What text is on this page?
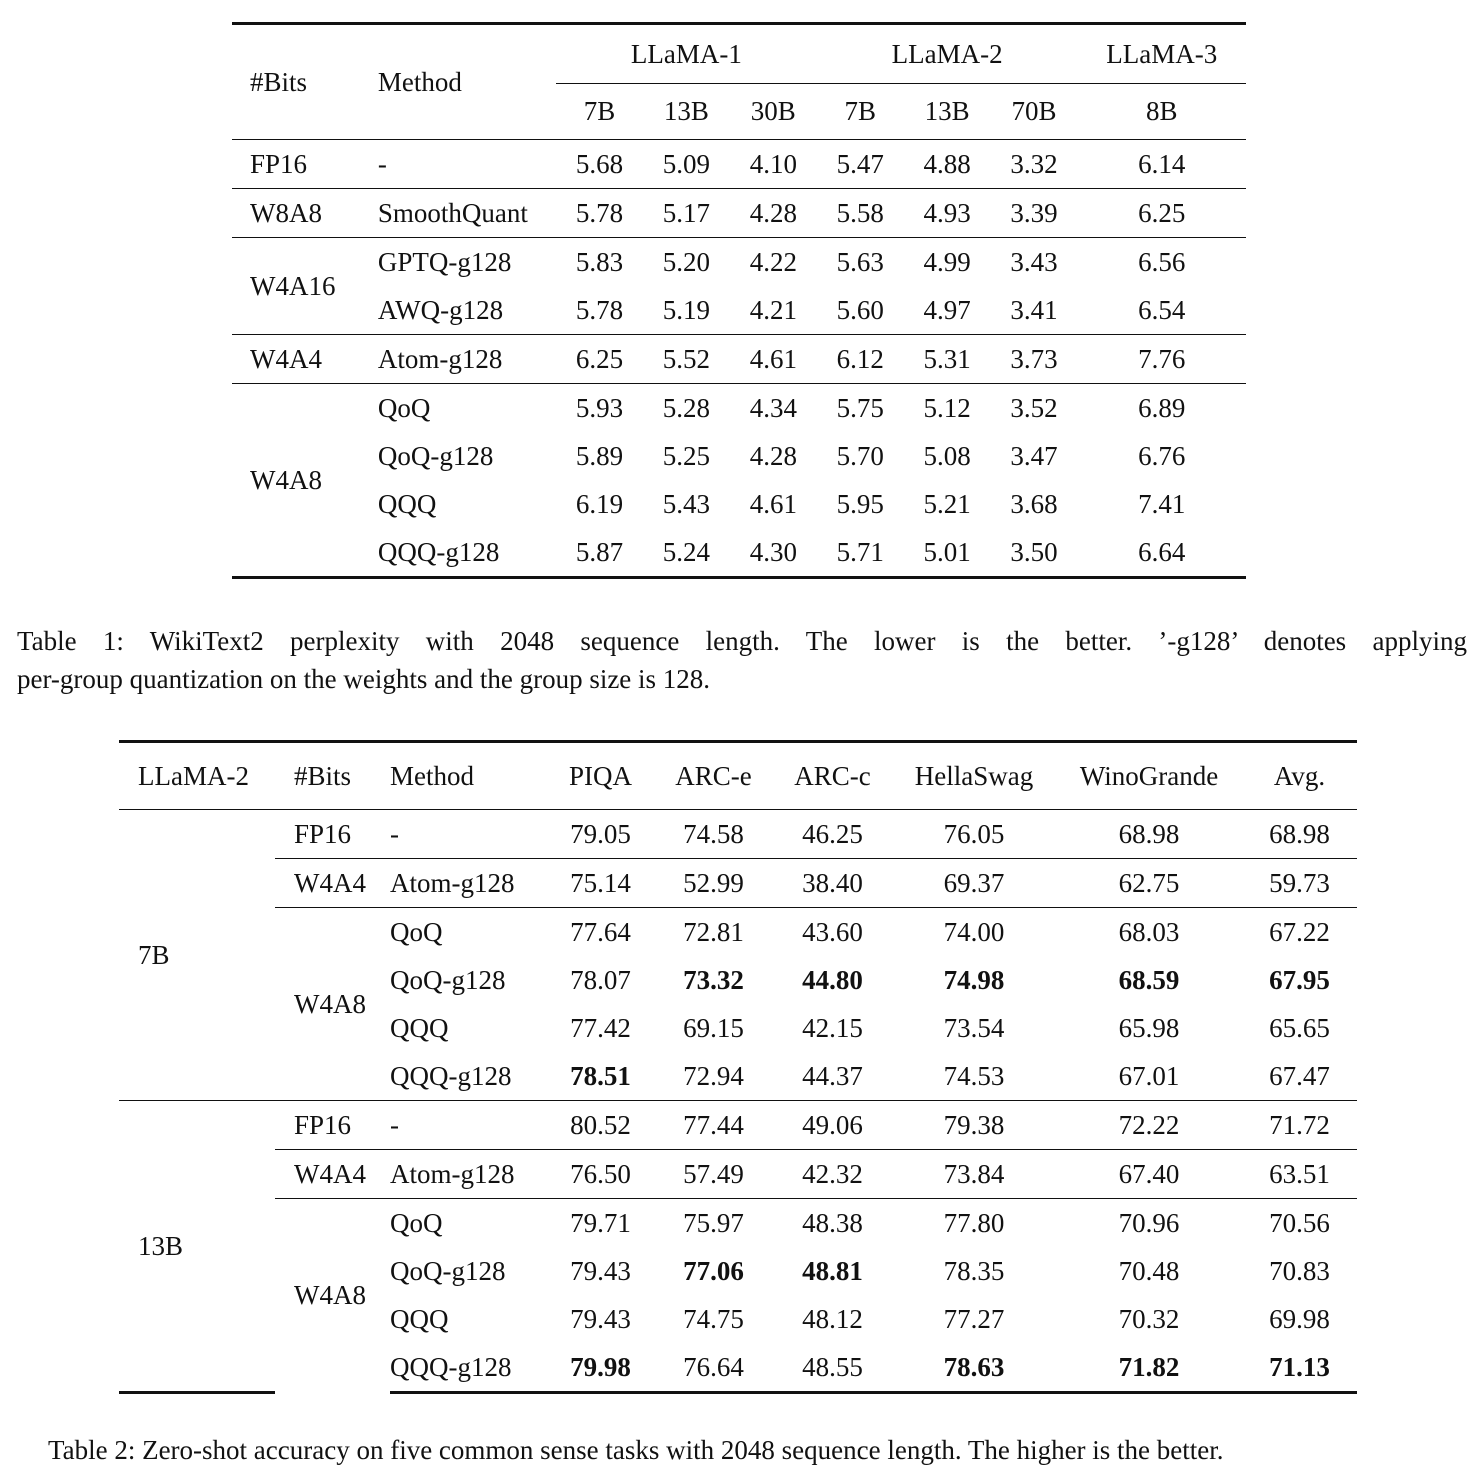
#Bits	Method	LLaMA-1			LLaMA-2			LLaMA-3
		7B	13B	30B	7B	13B	70B	8B
FP16	-	5.68	5.09	4.10	5.47	4.88	3.32	6.14
W8A8	SmoothQuant	5.78	5.17	4.28	5.58	4.93	3.39	6.25
W4A16	GPTQ-g128	5.83	5.20	4.22	5.63	4.99	3.43	6.56
	AWQ-g128	5.78	5.19	4.21	5.60	4.97	3.41	6.54
W4A4	Atom-g128	6.25	5.52	4.61	6.12	5.31	3.73	7.76
W4A8	QoQ	5.93	5.28	4.34	5.75	5.12	3.52	6.89
	QoQ-g128	5.89	5.25	4.28	5.70	5.08	3.47	6.76
	QQQ	6.19	5.43	4.61	5.95	5.21	3.68	7.41
	QQQ-g128	5.87	5.24	4.30	5.71	5.01	3.50	6.64
Table 1: WikiText2 perplexity with 2048 sequence length. The lower is the better. ’-g128’ denotes applying
per-group quantization on the weights and the group size is 128.
LLaMA-2	#Bits	Method	PIQA	ARC-e	ARC-c	HellaSwag	WinoGrande	Avg.
7B	FP16	-	79.05	74.58	46.25	76.05	68.98	68.98
	W4A4	Atom-g128	75.14	52.99	38.40	69.37	62.75	59.73
	W4A8	QoQ	77.64	72.81	43.60	74.00	68.03	67.22
		QoQ-g128	78.07	73.32	44.80	74.98	68.59	67.95
		QQQ	77.42	69.15	42.15	73.54	65.98	65.65
		QQQ-g128	78.51	72.94	44.37	74.53	67.01	67.47
13B	FP16	-	80.52	77.44	49.06	79.38	72.22	71.72
	W4A4	Atom-g128	76.50	57.49	42.32	73.84	67.40	63.51
	W4A8	QoQ	79.71	75.97	48.38	77.80	70.96	70.56
		QoQ-g128	79.43	77.06	48.81	78.35	70.48	70.83
		QQQ	79.43	74.75	48.12	77.27	70.32	69.98
		QQQ-g128	79.98	76.64	48.55	78.63	71.82	71.13
Table 2: Zero-shot accuracy on five common sense tasks with 2048 sequence length. The higher is the better.
